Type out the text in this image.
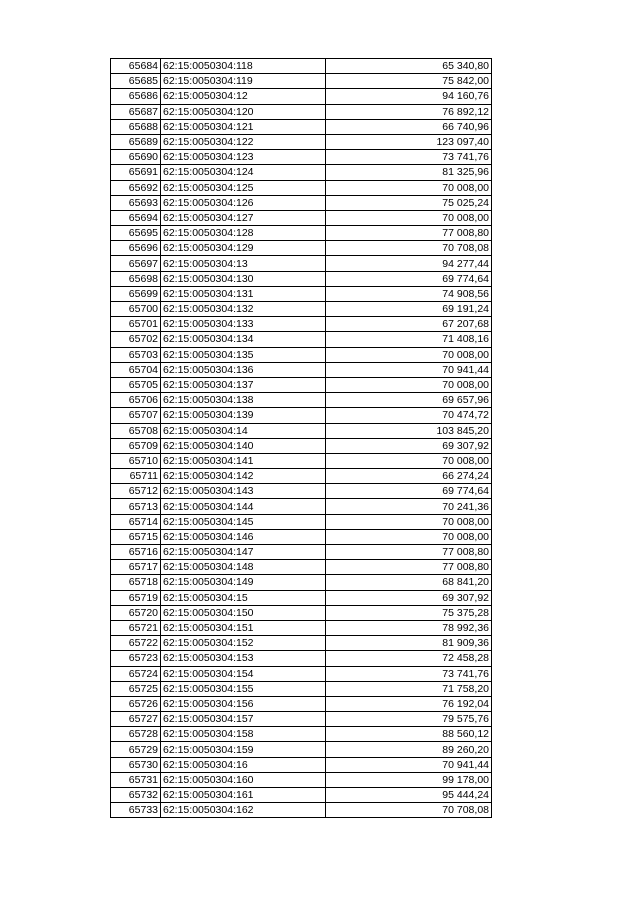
65684	62:15:0050304:118	65 340,80
65685	62:15:0050304:119	75 842,00
65686	62:15:0050304:12	94 160,76
65687	62:15:0050304:120	76 892,12
65688	62:15:0050304:121	66 740,96
65689	62:15:0050304:122	123 097,40
65690	62:15:0050304:123	73 741,76
65691	62:15:0050304:124	81 325,96
65692	62:15:0050304:125	70 008,00
65693	62:15:0050304:126	75 025,24
65694	62:15:0050304:127	70 008,00
65695	62:15:0050304:128	77 008,80
65696	62:15:0050304:129	70 708,08
65697	62:15:0050304:13	94 277,44
65698	62:15:0050304:130	69 774,64
65699	62:15:0050304:131	74 908,56
65700	62:15:0050304:132	69 191,24
65701	62:15:0050304:133	67 207,68
65702	62:15:0050304:134	71 408,16
65703	62:15:0050304:135	70 008,00
65704	62:15:0050304:136	70 941,44
65705	62:15:0050304:137	70 008,00
65706	62:15:0050304:138	69 657,96
65707	62:15:0050304:139	70 474,72
65708	62:15:0050304:14	103 845,20
65709	62:15:0050304:140	69 307,92
65710	62:15:0050304:141	70 008,00
65711	62:15:0050304:142	66 274,24
65712	62:15:0050304:143	69 774,64
65713	62:15:0050304:144	70 241,36
65714	62:15:0050304:145	70 008,00
65715	62:15:0050304:146	70 008,00
65716	62:15:0050304:147	77 008,80
65717	62:15:0050304:148	77 008,80
65718	62:15:0050304:149	68 841,20
65719	62:15:0050304:15	69 307,92
65720	62:15:0050304:150	75 375,28
65721	62:15:0050304:151	78 992,36
65722	62:15:0050304:152	81 909,36
65723	62:15:0050304:153	72 458,28
65724	62:15:0050304:154	73 741,76
65725	62:15:0050304:155	71 758,20
65726	62:15:0050304:156	76 192,04
65727	62:15:0050304:157	79 575,76
65728	62:15:0050304:158	88 560,12
65729	62:15:0050304:159	89 260,20
65730	62:15:0050304:16	70 941,44
65731	62:15:0050304:160	99 178,00
65732	62:15:0050304:161	95 444,24
65733	62:15:0050304:162	70 708,08
